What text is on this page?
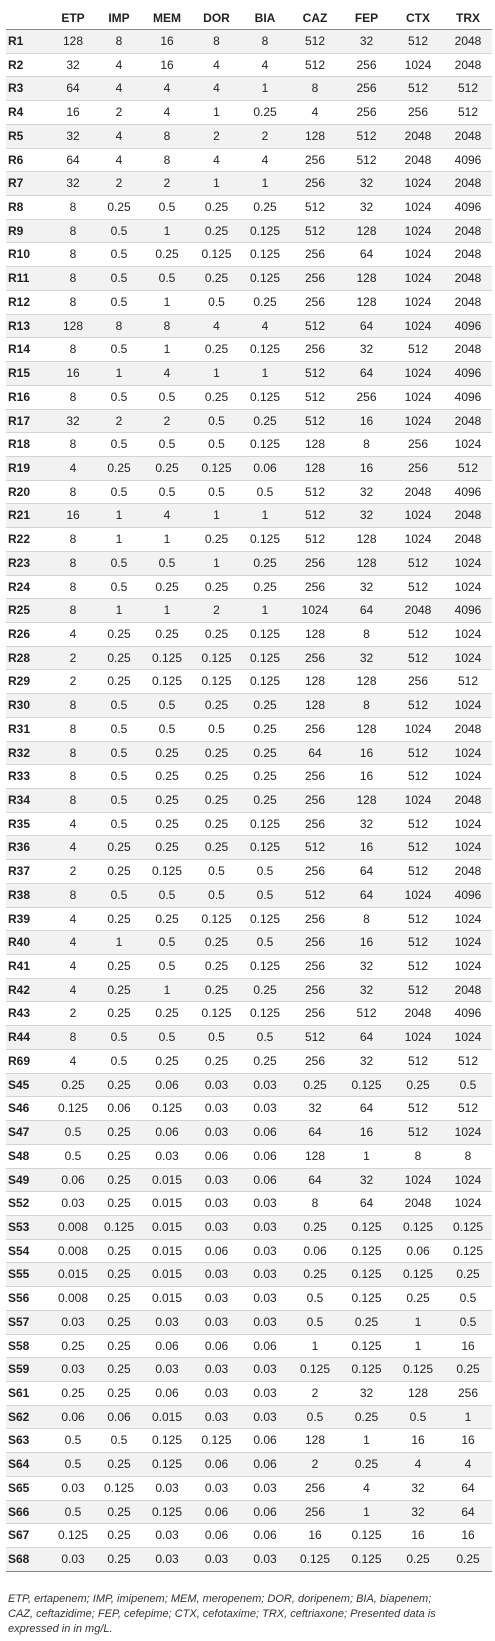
	ETP	IMP	MEM	DOR	BIA	CAZ	FEP	CTX	TRX
R1	128	8	16	8	8	512	32	512	2048
R2	32	4	16	4	4	512	256	1024	2048
R3	64	4	4	4	1	8	256	512	512
R4	16	2	4	1	0.25	4	256	256	512
R5	32	4	8	2	2	128	512	2048	2048
R6	64	4	8	4	4	256	512	2048	4096
R7	32	2	2	1	1	256	32	1024	2048
R8	8	0.25	0.5	0.25	0.25	512	32	1024	4096
R9	8	0.5	1	0.25	0.125	512	128	1024	2048
R10	8	0.5	0.25	0.125	0.125	256	64	1024	2048
R11	8	0.5	0.5	0.25	0.125	256	128	1024	2048
R12	8	0.5	1	0.5	0.25	256	128	1024	2048
R13	128	8	8	4	4	512	64	1024	4096
R14	8	0.5	1	0.25	0.125	256	32	512	2048
R15	16	1	4	1	1	512	64	1024	4096
R16	8	0.5	0.5	0.25	0.125	512	256	1024	4096
R17	32	2	2	0.5	0.25	512	16	1024	2048
R18	8	0.5	0.5	0.5	0.125	128	8	256	1024
R19	4	0.25	0.25	0.125	0.06	128	16	256	512
R20	8	0.5	0.5	0.5	0.5	512	32	2048	4096
R21	16	1	4	1	1	512	32	1024	2048
R22	8	1	1	0.25	0.125	512	128	1024	2048
R23	8	0.5	0.5	1	0.25	256	128	512	1024
R24	8	0.5	0.25	0.25	0.25	256	32	512	1024
R25	8	1	1	2	1	1024	64	2048	4096
R26	4	0.25	0.25	0.25	0.125	128	8	512	1024
R28	2	0.25	0.125	0.125	0.125	256	32	512	1024
R29	2	0.25	0.125	0.125	0.125	128	128	256	512
R30	8	0.5	0.5	0.25	0.25	128	8	512	1024
R31	8	0.5	0.5	0.5	0.25	256	128	1024	2048
R32	8	0.5	0.25	0.25	0.25	64	16	512	1024
R33	8	0.5	0.25	0.25	0.25	256	16	512	1024
R34	8	0.5	0.25	0.25	0.25	256	128	1024	2048
R35	4	0.5	0.25	0.25	0.125	256	32	512	1024
R36	4	0.25	0.25	0.25	0.125	512	16	512	1024
R37	2	0.25	0.125	0.5	0.5	256	64	512	2048
R38	8	0.5	0.5	0.5	0.5	512	64	1024	4096
R39	4	0.25	0.25	0.125	0.125	256	8	512	1024
R40	4	1	0.5	0.25	0.5	256	16	512	1024
R41	4	0.25	0.5	0.25	0.125	256	32	512	1024
R42	4	0.25	1	0.25	0.25	256	32	512	2048
R43	2	0.25	0.25	0.125	0.125	256	512	2048	4096
R44	8	0.5	0.5	0.5	0.5	512	64	1024	1024
R69	4	0.5	0.25	0.25	0.25	256	32	512	512
S45	0.25	0.25	0.06	0.03	0.03	0.25	0.125	0.25	0.5
S46	0.125	0.06	0.125	0.03	0.03	32	64	512	512
S47	0.5	0.25	0.06	0.03	0.06	64	16	512	1024
S48	0.5	0.25	0.03	0.06	0.06	128	1	8	8
S49	0.06	0.25	0.015	0.03	0.06	64	32	1024	1024
S52	0.03	0.25	0.015	0.03	0.03	8	64	2048	1024
S53	0.008	0.125	0.015	0.03	0.03	0.25	0.125	0.125	0.125
S54	0.008	0.25	0.015	0.06	0.03	0.06	0.125	0.06	0.125
S55	0.015	0.25	0.015	0.03	0.03	0.25	0.125	0.125	0.25
S56	0.008	0.25	0.015	0.03	0.03	0.5	0.125	0.25	0.5
S57	0.03	0.25	0.03	0.03	0.03	0.5	0.25	1	0.5
S58	0.25	0.25	0.06	0.06	0.06	1	0.125	1	16
S59	0.03	0.25	0.03	0.03	0.03	0.125	0.125	0.125	0.25
S61	0.25	0.25	0.06	0.03	0.03	2	32	128	256
S62	0.06	0.06	0.015	0.03	0.03	0.5	0.25	0.5	1
S63	0.5	0.5	0.125	0.125	0.06	128	1	16	16
S64	0.5	0.25	0.125	0.06	0.06	2	0.25	4	4
S65	0.03	0.125	0.03	0.03	0.03	256	4	32	64
S66	0.5	0.25	0.125	0.06	0.06	256	1	32	64
S67	0.125	0.25	0.03	0.06	0.06	16	0.125	16	16
S68	0.03	0.25	0.03	0.03	0.03	0.125	0.125	0.25	0.25
ETP, ertapenem; IMP, imipenem; MEM, meropenem; DOR, doripenem; BIA, biapenem;
CAZ, ceftazidime; FEP, cefepime; CTX, cefotaxime; TRX, ceftriaxone; Presented data is
expressed in in mg/L.
